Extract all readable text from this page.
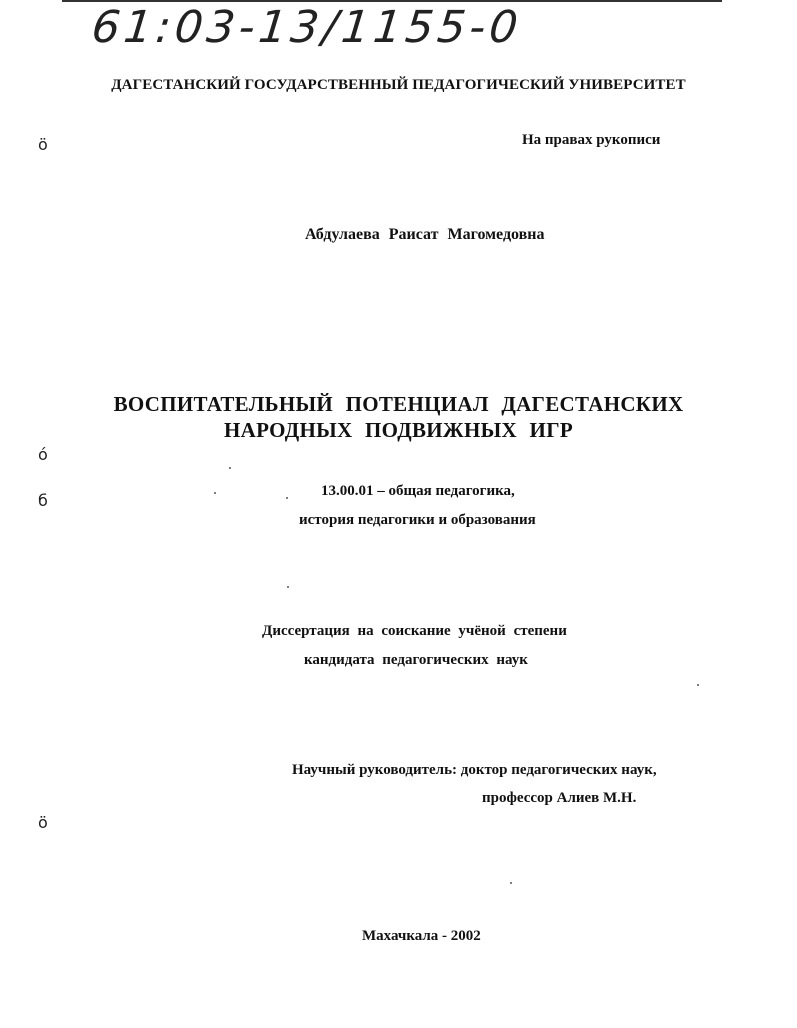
61:03-13/1155-0
ДАГЕСТАНСКИЙ ГОСУДАРСТВЕННЫЙ ПЕДАГОГИЧЕСКИЙ УНИВЕРСИТЕТ
На правах рукописи
Абдулаева Раисат Магомедовна
ВОСПИТАТЕЛЬНЫЙ ПОТЕНЦИАЛ ДАГЕСТАНСКИХ
НАРОДНЫХ ПОДВИЖНЫХ ИГР
13.00.01 – общая педагогика,
история педагогики и образования
Диссертация на соискание учёной степени
кандидата педагогических наук
Научный руководитель: доктор педагогических наук,
профессор Алиев М.Н.
Махачкала - 2002
ö
ó
б
ö
